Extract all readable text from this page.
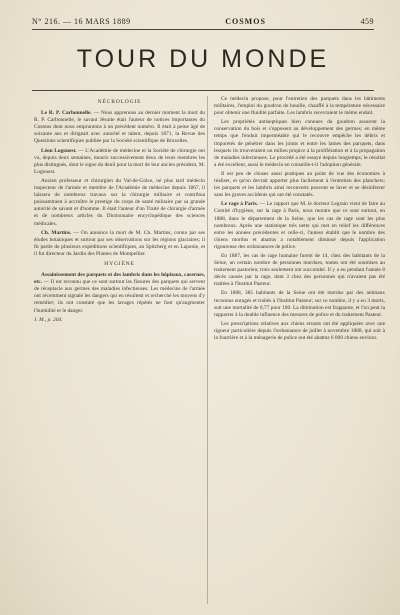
N° 216. — 16 MARS 1889	COSMOS	459
TOUR DU MONDE
NÉCROLOGIE

Le R. P. Carbonnelle. — Nous apprenons au dernier moment la mort du R. P. Carbonnelle, le savant Jésuite était l'auteur de notices importantes du Cosmos dont nous empruntons à un précédent numéro. Il était à peine âgé de soixante ans et dirigeait avec autorité et talent, depuis 1871, la Revue des Questions scientifiques publiée par la Société scientifique de Bruxelles.

Léon Logouest. — L'Académie de médecine et la Société de chirurgie ont vu, depuis deux semaines, mourir successivement deux de leurs membres les plus distingués, dont le signe du deuil pour la mort de leur ancien président, M. Logouest.

Ancien professeur et chirurgien du Val-de-Grâce, né plus tard médecin inspecteur de l'armée et membre de l'Académie de médecine depuis 1867, il laissera de nombreux travaux sur la chirurgie militaire et contribua puissamment à accroître le prestige du corps de santé militaire par sa grande autorité de savant et d'homme. Il était l'auteur d'un Traité de chirurgie d'armée et de nombreux articles du Dictionnaire encyclopédique des sciences médicales.

Ch. Martins. — On annonce la mort de M. Ch. Martins, connu par ses études botaniques et surtout par ses observations sur les régions glaciaires; il fit partie de plusieurs expéditions scientifiques, au Spitzberg et en Laponie, et il fut directeur du Jardin des Plantes de Montpellier.

HYGIÈNE

Assainissement des parquets et des lambris dans les hôpitaux, casernes, etc. — Il est reconnu que ce sont surtout les fissures des parquets qui servent de réceptacle aux germes des maladies infectieuses. Les médecins de l'armée ont récemment signalé les dangers qui en résultent et recherché les moyens d'y remédier; ils ont constaté que les lavages répétés ne font qu'augmenter l'humidité et le danger.

J. M., p. 204.

Ce médecin propose, pour l'entretien des parquets dans les bâtiments militaires, l'emploi du goudron de houille, chauffé à la température nécessaire pour obtenir une fluidité parfaite. Les lambris recevraient le même enduit.

Les propriétés antiseptiques bien connues du goudron assurent la conservation du bois et s'opposent au développement des germes; en même temps que l'enduit imperméable qui le recouvre empêche les débris et impuretés de pénétrer dans les joints et entre les lames des parquets, dans lesquels ils trouveraient un milieu propice à la prolifération et à la propagation de maladies infectieuses. Le procédé a été essayé depuis longtemps; le résultat a été excellent, aussi le médecin en conseille-t-il l'adoption générale.

Il est peu de choses aussi pratiques au point de vue des économies à réaliser, et qu'on devrait apporter plus facilement à l'entretien des planchers; les parquets et les lambris ainsi recouverts peuvent se laver et se désinfecter sans les graves accidents qui ont été constatés.

Le rage à Paris. — Le rapport que M. le docteur Legrain vient de faire au Comité d'hygiène, sur la rage à Paris, nous montre que ce sont surtout, en 1888, dans le département de la Seine, que les cas de rage sont les plus nombreux. Après une statistique très nette qui met en relief les différences entre les années précédentes et celle-ci, l'auteur établit que le nombre des chiens mordus et abattus a notablement diminué depuis l'application rigoureuse des ordonnances de police.

En 1887, les cas de rage humaine furent de 14, chez des habitants de la Seine, un certain nombre de personnes mordues, toutes ont été soumises au traitement pastorien; trois seulement ont succombé. Il y a eu pendant l'année 8 décès causés par la rage, dont 3 chez des personnes qui n'avaient pas été traitées à l'Institut Pasteur.

En 1888, 385 habitants de la Seine ont été mordus par des animaux reconnus enragés et traités à l'Institut Pasteur; sur ce nombre, il y a eu 3 morts, soit une mortalité de 0,77 pour 100. La diminution est frappante, et l'on peut la rapporter à la double influence des mesures de police et du traitement Pasteur.

Les prescriptions relatives aux chiens errants ont été appliquées avec une rigueur particulière depuis l'ordonnance de juillet à novembre 1888, qui soit à la fourrière et à la ménagerie de police ont été abattus 6 000 chiens environ.
